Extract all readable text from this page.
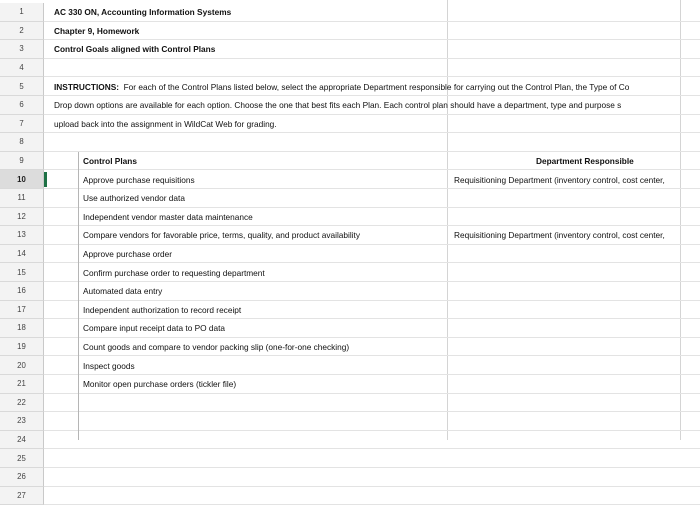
1	AC 330 ON, Accounting Information Systems
2	Chapter 9, Homework
3	Control Goals aligned with Control Plans
4
5	INSTRUCTIONS: For each of the Control Plans listed below, select the appropriate Department responsible for carrying out the Control Plan, the Type of Co
6	Drop down options are available for each option. Choose the one that best fits each Plan. Each control plan should have a department, type and purpose s
7	upload back into the assignment in WildCat Web for grading.
8
9	Control Plans	Department Responsible
10	Approve purchase requisitions	Requisitioning Department (inventory control, cost center,
11	Use authorized vendor data
12	Independent vendor master data maintenance
13	Compare vendors for favorable price, terms, quality, and product availability	Requisitioning Department (inventory control, cost center,
14	Approve purchase order
15	Confirm purchase order to requesting department
16	Automated data entry
17	Independent authorization to record receipt
18	Compare input receipt data to PO data
19	Count goods and compare to vendor packing slip (one-for-one checking)
20	Inspect goods
21	Monitor open purchase orders (tickler file)
22
23
24
25
26
27
